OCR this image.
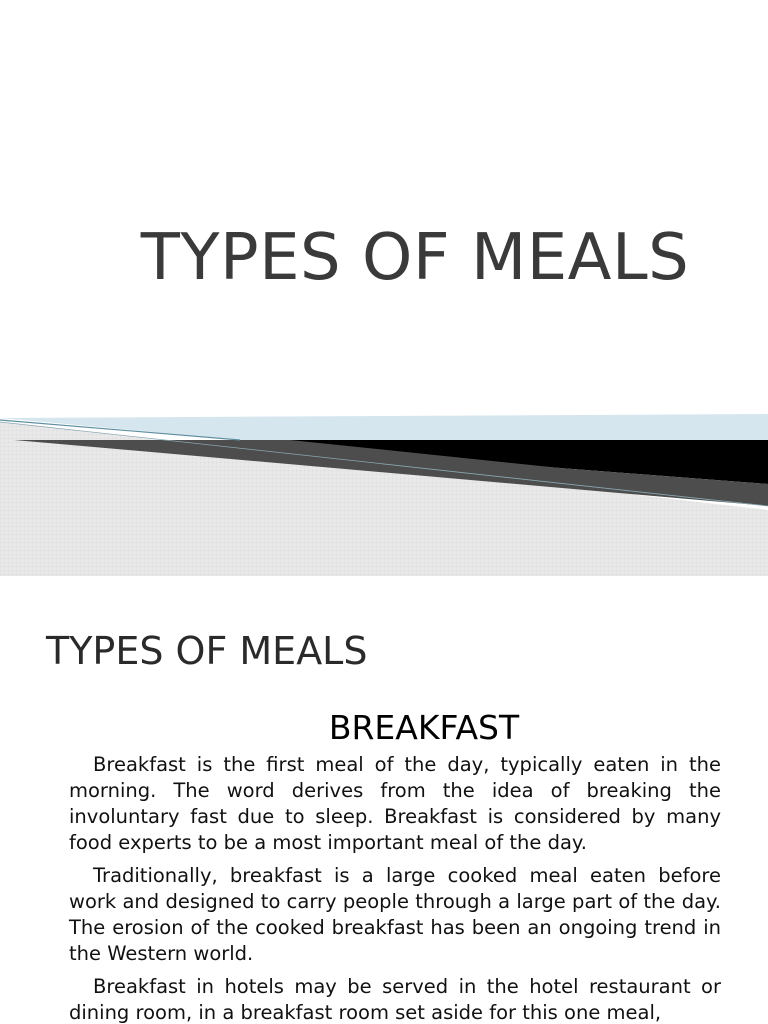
TYPES OF MEALS
TYPES OF MEALS
BREAKFAST

Breakfast is the first meal of the day, typically eaten in the morning. The word derives from the idea of breaking the involuntary fast due to sleep. Breakfast is considered by many food experts to be a most important meal of the day.

Traditionally, breakfast is a large cooked meal eaten before work and designed to carry people through a large part of the day. The erosion of the cooked breakfast has been an ongoing trend in the Western world.

Breakfast in hotels may be served in the hotel restaurant or dining room, in a breakfast room set aside for this one meal,
